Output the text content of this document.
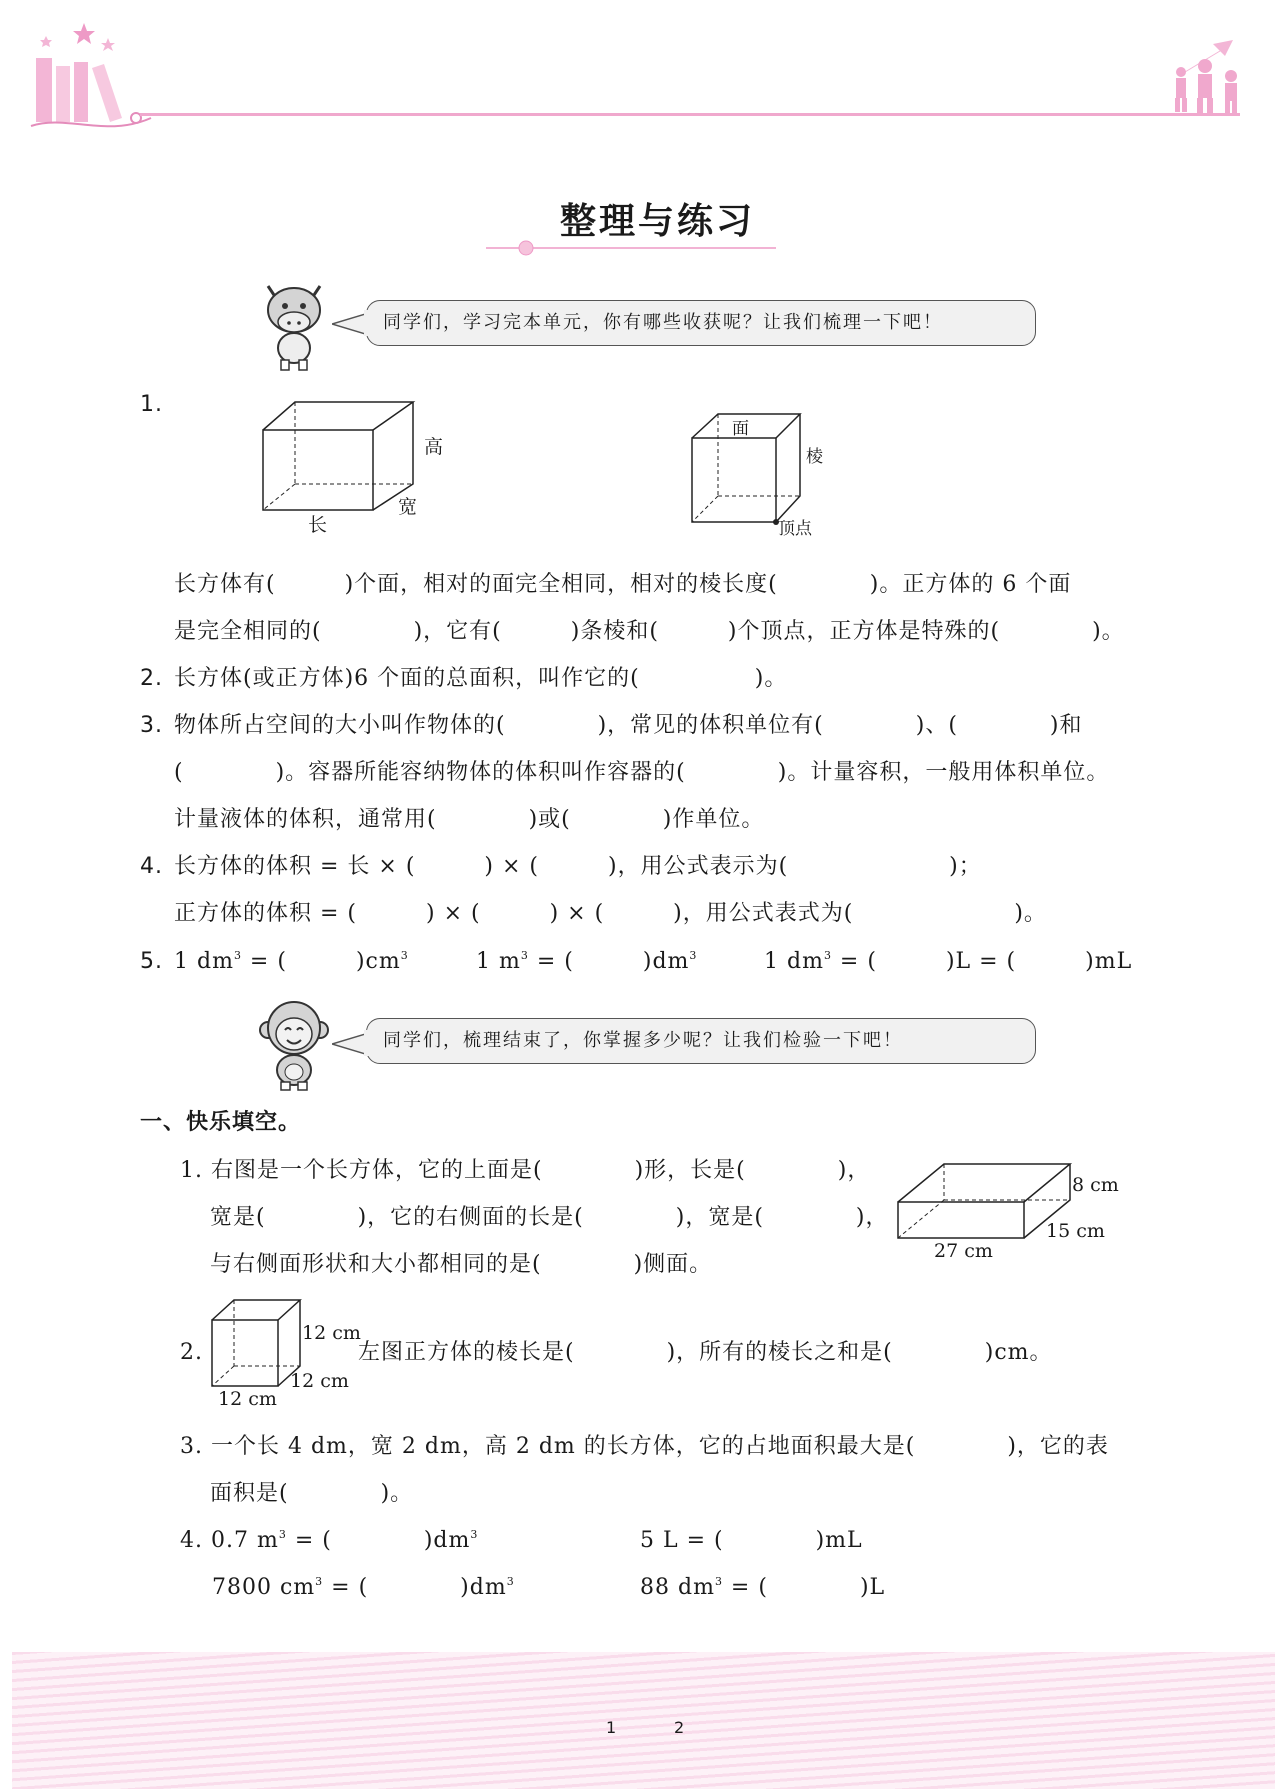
整理与练习
同学们，学习完本单元，你有哪些收获呢？让我们梳理一下吧！
1.
高
长
宽
面
棱
顶点
长方体有(　　　)个面，相对的面完全相同，相对的棱长度(　　　　)。正方体的 6 个面
是完全相同的(　　　　)，它有(　　　)条棱和(　　　)个顶点，正方体是特殊的(　　　　)。
2. 长方体(或正方体)6 个面的总面积，叫作它的(　　　　　)。
3. 物体所占空间的大小叫作物体的(　　　　)，常见的体积单位有(　　　　)、(　　　　)和
(　　　　)。容器所能容纳物体的体积叫作容器的(　　　　)。计量容积，一般用体积单位。
计量液体的体积，通常用(　　　　)或(　　　　)作单位。
4. 长方体的体积 = 长 × (　　　) × (　　　)，用公式表示为(　　　　　　　)；
正方体的体积 = (　　　) × (　　　) × (　　　)，用公式表式为(　　　　　　　)。
5. 1 $dm^3$ = (　　　)$cm^3$	1 $m^3$ = (　　　)$dm^3$	1 $dm^3$ = (　　　)L = (　　　)mL
同学们，梳理结束了，你掌握多少呢？让我们检验一下吧！
一、快乐填空。
1. 右图是一个长方体，它的上面是(　　　　)形，长是(　　　　)，
宽是(　　　　)，它的右侧面的长是(　　　　)，宽是(　　　　)，
与右侧面形状和大小都相同的是(　　　　)侧面。
8 cm
15 cm
27 cm
2.
12 cm
12 cm
12 cm
左图正方体的棱长是(　　　　)，所有的棱长之和是(　　　　)cm。
3. 一个长 4 dm，宽 2 dm，高 2 dm 的长方体，它的占地面积最大是(　　　　)，它的表
面积是(　　　　)。
4. 0.7 $m^3$ = (　　　　)$dm^3$	5 L = (　　　　)mL
7800 $cm^3$ = (　　　　)$dm^3$	88 $dm^3$ = (　　　　)L
1	2
